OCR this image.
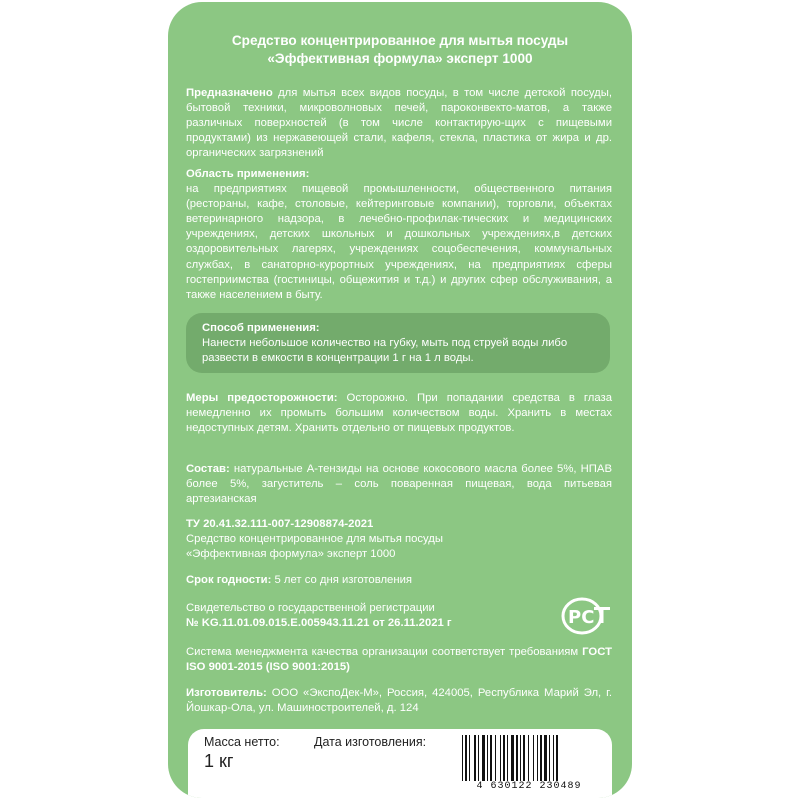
Средство концентрированное для мытья посуды
«Эффективная формула» эксперт 1000
Предназначено для мытья всех видов посуды, в том числе детской посуды, бытовой техники, микроволновых печей, пароконвекто-матов, а также различных поверхностей (в том числе контактирую-щих с пищевыми продуктами) из нержавеющей стали, кафеля, стекла, пластика от жира и др. органических загрязнений
Область применения:
на предприятиях пищевой промышленности, общественного питания (рестораны, кафе, столовые, кейтеринговые компании), торговли, объектах ветеринарного надзора, в лечебно-профилак-тических и медицинских учреждениях, детских школьных и дошкольных учреждениях,в детских оздоровительных лагерях, учреждениях соцобеспечения, коммунальных службах, в санаторно-курортных учреждениях, на предприятиях сферы гостеприимства (гостиницы, общежития и т.д.) и других сфер обслуживания, а также населением в быту.
Способ применения:
Нанести небольшое количество на губку, мыть под струей воды либо развести в емкости в концентрации 1 г на 1 л воды.
Меры предосторожности: Осторожно. При попадании средства в глаза немедленно их промыть большим количеством воды. Хранить в местах недоступных детям. Хранить отдельно от пищевых продуктов.
Состав: натуральные А-тензиды на основе кокосового масла более 5%, НПАВ более 5%, загуститель – соль поваренная пищевая, вода питьевая артезианская
ТУ 20.41.32.111-007-12908874-2021
Средство концентрированное для мытья посуды
«Эффективная формула» эксперт 1000
Срок годности: 5 лет со дня изготовления
Свидетельство о государственной регистрации
№ KG.11.01.09.015.Е.005943.11.21 от 26.11.2021 г	PC
Система менеджмента качества организации соответствует требованиям ГОСТ ISO 9001-2015 (ISO 9001:2015)
Изготовитель: ООО «ЭкспоДек-М», Россия, 424005, Республика Марий Эл, г. Йошкар-Ола, ул. Машиностроителей, д. 124
Масса нетто:
1 кг
Дата изготовления:
4 630122 230489
